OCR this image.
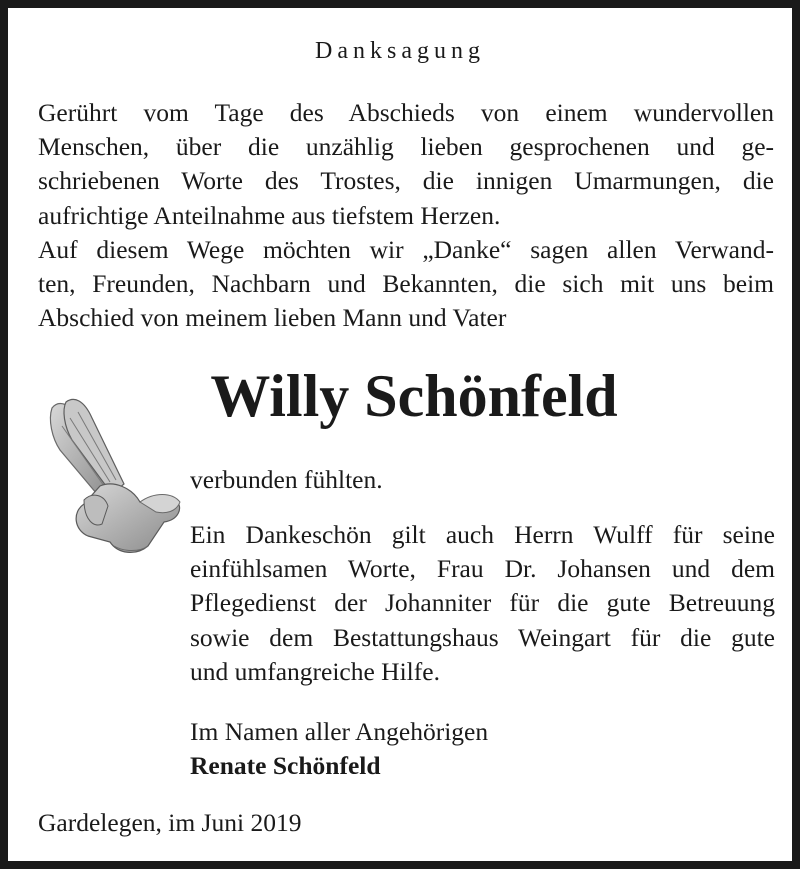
Danksagung
Gerührt vom Tage des Abschieds von einem wundervollen
Menschen, über die unzählig lieben gesprochenen und ge-
schriebenen Worte des Trostes, die innigen Umarmungen, die
aufrichtige Anteilnahme aus tiefstem Herzen.
Auf diesem Wege möchten wir „Danke“ sagen allen Verwand-
ten, Freunden, Nachbarn und Bekannten, die sich mit uns beim
Abschied von meinem lieben Mann und Vater
Willy Schönfeld
verbunden fühlten.
Ein Dankeschön gilt auch Herrn Wulff für seine
einfühlsamen Worte, Frau Dr. Johansen und dem
Pflegedienst der Johanniter für die gute Betreuung
sowie dem Bestattungshaus Weingart für die gute
und umfangreiche Hilfe.
Im Namen aller Angehörigen
Renate Schönfeld
Gardelegen, im Juni 2019
